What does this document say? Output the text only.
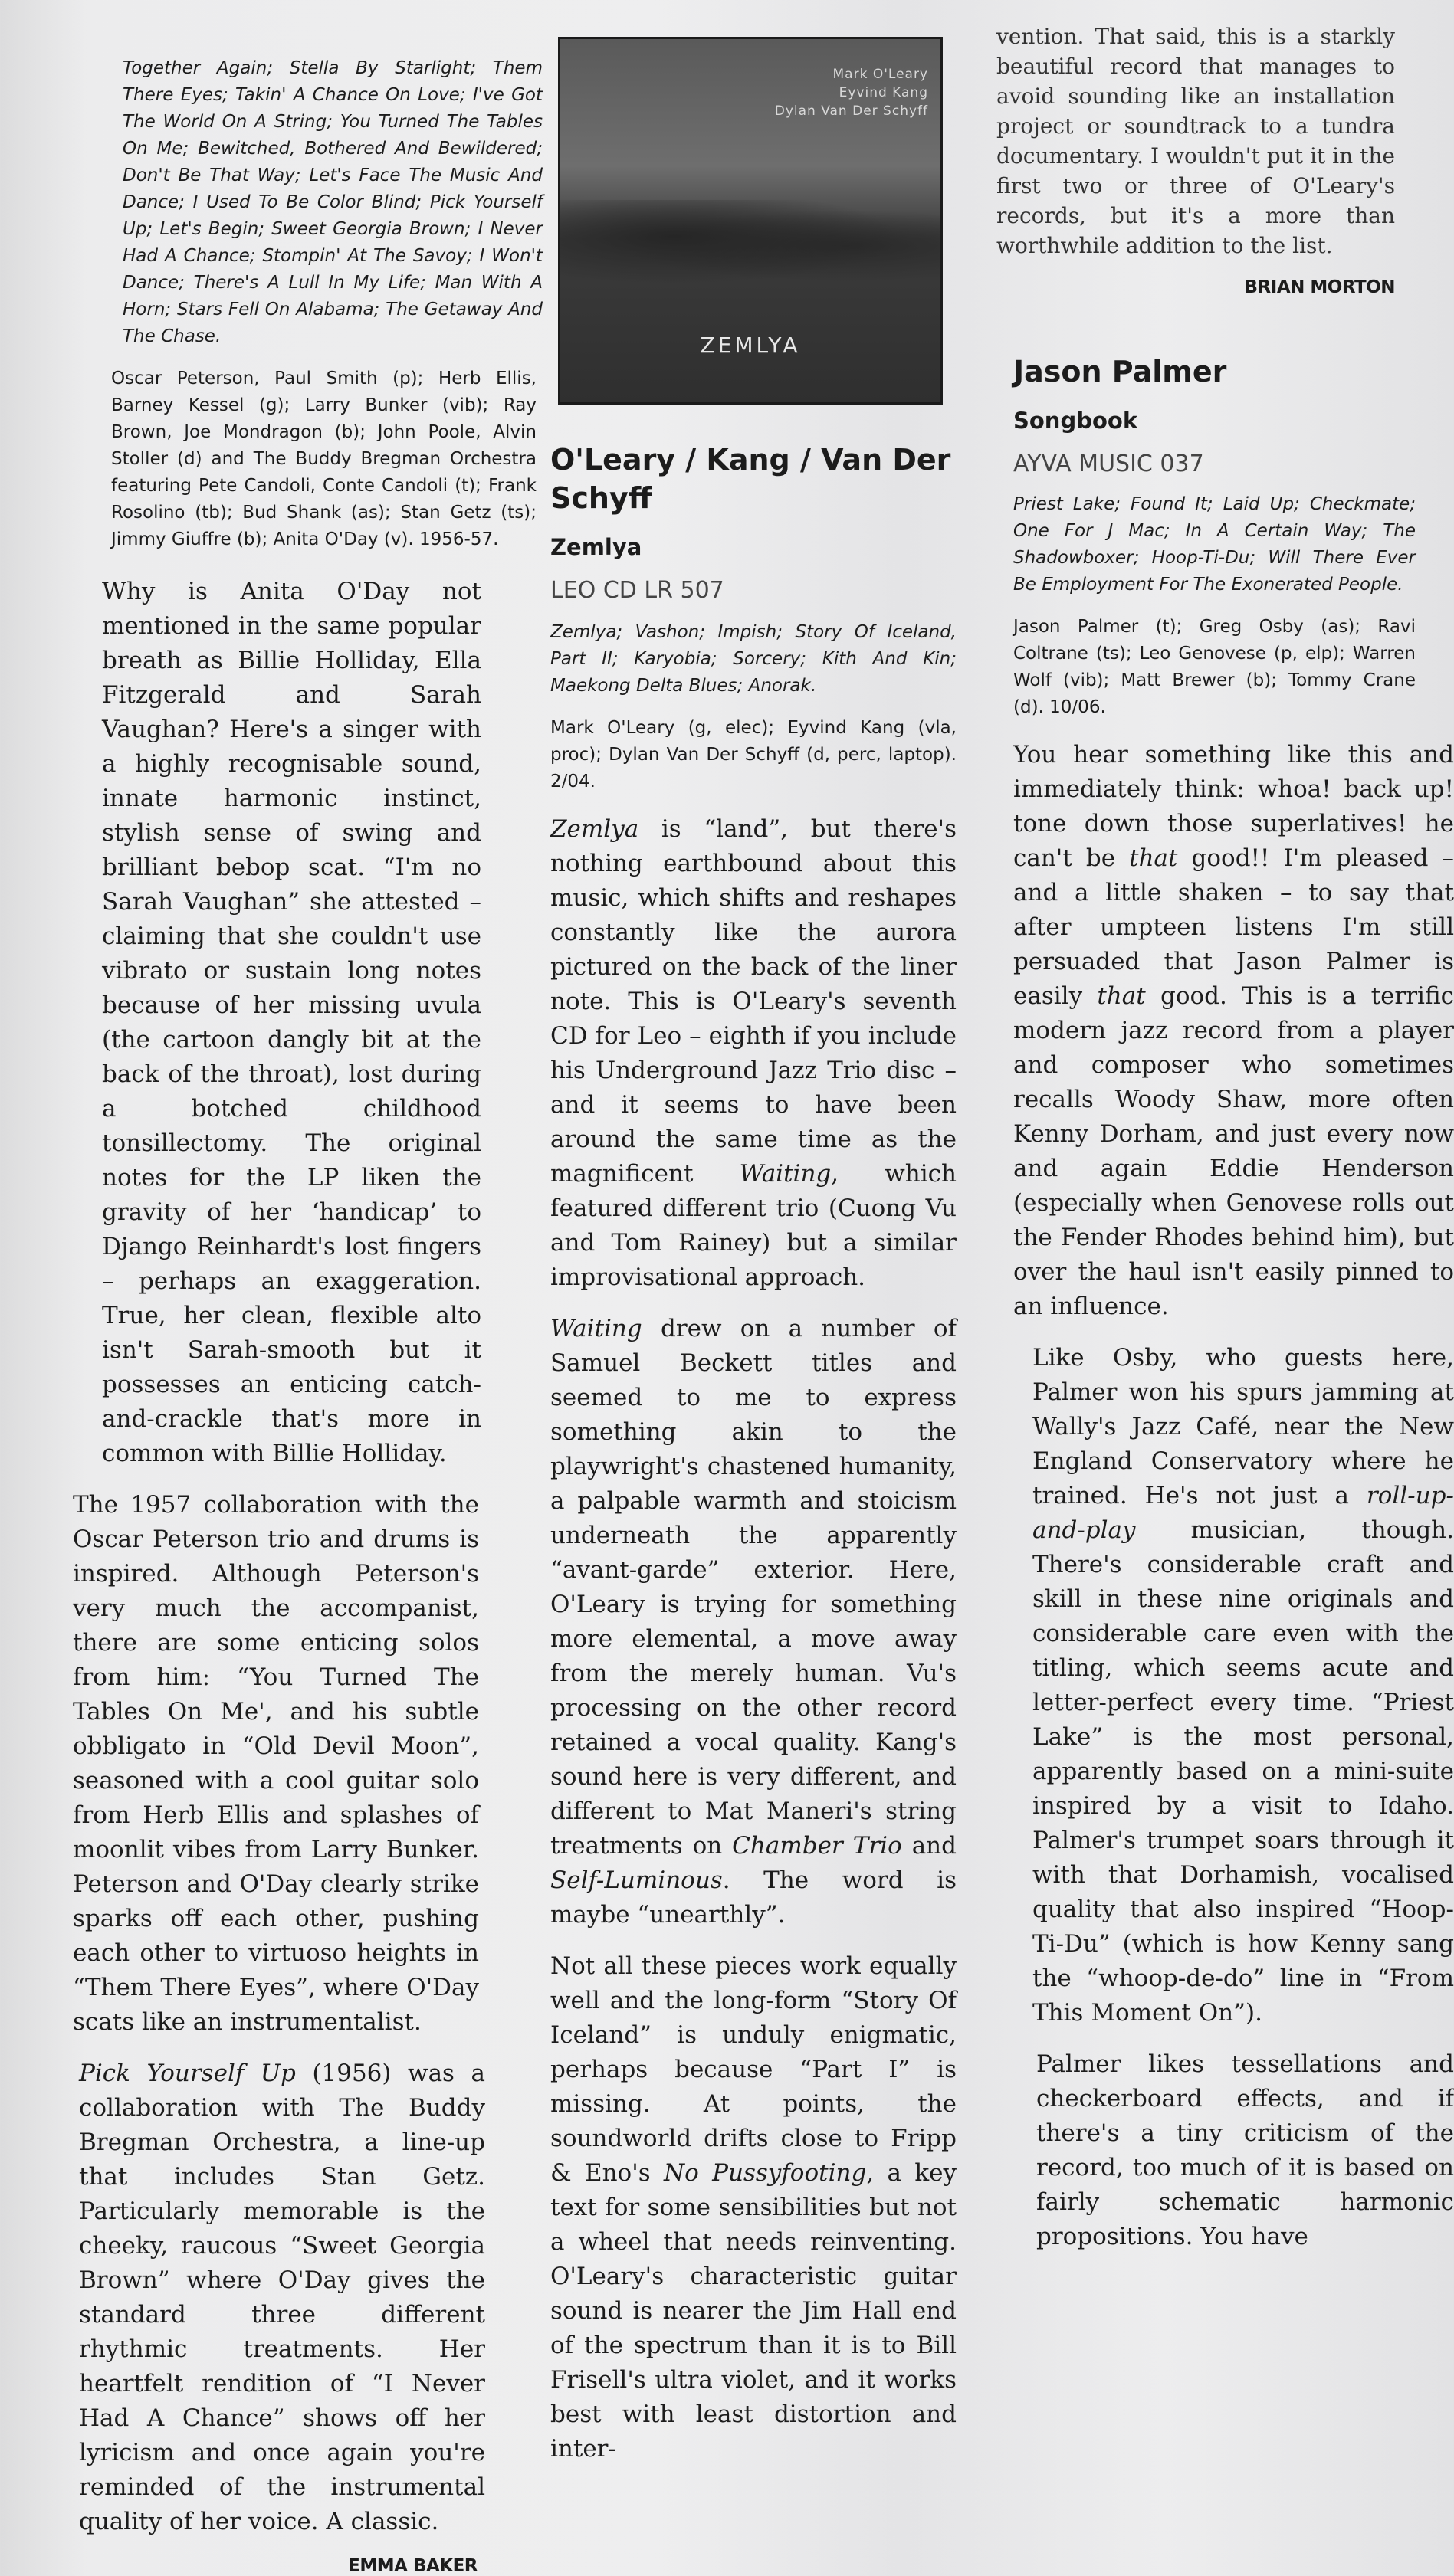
Together Again; Stella By Starlight; Them There Eyes; Takin' A Chance On Love; I've Got The World On A String; You Turned The Tables On Me; Bewitched, Bothered And Bewildered; Don't Be That Way; Let's Face The Music And Dance; I Used To Be Color Blind; Pick Yourself Up; Let's Begin; Sweet Georgia Brown; I Never Had A Chance; Stompin' At The Savoy; I Won't Dance; There's A Lull In My Life; Man With A Horn; Stars Fell On Alabama; The Getaway And The Chase.

Oscar Peterson, Paul Smith (p); Herb Ellis, Barney Kessel (g); Larry Bunker (vib); Ray Brown, Joe Mondragon (b); John Poole, Alvin Stoller (d) and The Buddy Bregman Orchestra featuring Pete Candoli, Conte Candoli (t); Frank Rosolino (tb); Bud Shank (as); Stan Getz (ts); Jimmy Giuffre (b); Anita O'Day (v). 1956-57.

Why is Anita O'Day not mentioned in the same popular breath as Billie Holliday, Ella Fitzgerald and Sarah Vaughan? Here's a singer with a highly recognisable sound, innate harmonic instinct, stylish sense of swing and brilliant bebop scat. “I'm no Sarah Vaughan” she attested – claiming that she couldn't use vibrato or sustain long notes because of her missing uvula (the cartoon dangly bit at the back of the throat), lost during a botched childhood tonsillectomy. The original notes for the LP liken the gravity of her ‘handicap’ to Django Reinhardt's lost fingers – perhaps an exaggeration. True, her clean, flexible alto isn't Sarah-smooth but it possesses an enticing catch-and-crackle that's more in common with Billie Holliday.

The 1957 collaboration with the Oscar Peterson trio and drums is inspired. Although Peterson's very much the accompanist, there are some enticing solos from him: “You Turned The Tables On Me', and his subtle obbligato in “Old Devil Moon”, seasoned with a cool guitar solo from Herb Ellis and splashes of moonlit vibes from Larry Bunker. Peterson and O'Day clearly strike sparks off each other, pushing each other to virtuoso heights in “Them There Eyes”, where O'Day scats like an instrumentalist.

Pick Yourself Up (1956) was a collaboration with The Buddy Bregman Orchestra, a line-up that includes Stan Getz. Particularly memorable is the cheeky, raucous “Sweet Georgia Brown” where O'Day gives the standard three different rhythmic treatments. Her heartfelt rendition of “I Never Had A Chance” shows off her lyricism and once again you're reminded of the instrumental quality of her voice. A classic.

EMMA BAKER
Mark O'Leary
Eyvind Kang
Dylan Van Der Schyff
ZEMLYA
O'Leary / Kang / Van Der Schyff
Zemlya
LEO CD LR 507

Zemlya; Vashon; Impish; Story Of Iceland, Part II; Karyobia; Sorcery; Kith And Kin; Maekong Delta Blues; Anorak.

Mark O'Leary (g, elec); Eyvind Kang (vla, proc); Dylan Van Der Schyff (d, perc, laptop). 2/04.

Zemlya is “land”, but there's nothing earthbound about this music, which shifts and reshapes constantly like the aurora pictured on the back of the liner note. This is O'Leary's seventh CD for Leo – eighth if you include his Underground Jazz Trio disc – and it seems to have been around the same time as the magnificent Waiting, which featured different trio (Cuong Vu and Tom Rainey) but a similar improvisational approach.

Waiting drew on a number of Samuel Beckett titles and seemed to me to express something akin to the playwright's chastened humanity, a palpable warmth and stoicism underneath the apparently “avant-garde” exterior. Here, O'Leary is trying for something more elemental, a move away from the merely human. Vu's processing on the other record retained a vocal quality. Kang's sound here is very different, and different to Mat Maneri's string treatments on Chamber Trio and Self-Luminous. The word is maybe “unearthly”.

Not all these pieces work equally well and the long-form “Story Of Iceland” is unduly enigmatic, perhaps because “Part I” is missing. At points, the soundworld drifts close to Fripp & Eno's No Pussyfooting, a key text for some sensibilities but not a wheel that needs reinventing. O'Leary's characteristic guitar sound is nearer the Jim Hall end of the spectrum than it is to Bill Frisell's ultra violet, and it works best with least distortion and inter-

vention. That said, this is a starkly beautiful record that manages to avoid sounding like an installation project or soundtrack to a tundra documentary. I wouldn't put it in the first two or three of O'Leary's records, but it's a more than worthwhile addition to the list.

BRIAN MORTON
Jason Palmer
Songbook
AYVA MUSIC 037

Priest Lake; Found It; Laid Up; Checkmate; One For J Mac; In A Certain Way; The Shadowboxer; Hoop-Ti-Du; Will There Ever Be Employment For The Exonerated People.

Jason Palmer (t); Greg Osby (as); Ravi Coltrane (ts); Leo Genovese (p, elp); Warren Wolf (vib); Matt Brewer (b); Tommy Crane (d). 10/06.

You hear something like this and immediately think: whoa! back up! tone down those superlatives! he can't be that good!! I'm pleased – and a little shaken – to say that after umpteen listens I'm still persuaded that Jason Palmer is easily that good. This is a terrific modern jazz record from a player and composer who sometimes recalls Woody Shaw, more often Kenny Dorham, and just every now and again Eddie Henderson (especially when Genovese rolls out the Fender Rhodes behind him), but over the haul isn't easily pinned to an influence.

Like Osby, who guests here, Palmer won his spurs jamming at Wally's Jazz Café, near the New England Conservatory where he trained. He's not just a roll-up-and-play musician, though. There's considerable craft and skill in these nine originals and considerable care even with the titling, which seems acute and letter-perfect every time. “Priest Lake” is the most personal, apparently based on a mini-suite inspired by a visit to Idaho. Palmer's trumpet soars through it with that Dorhamish, vocalised quality that also inspired “Hoop-Ti-Du” (which is how Kenny sang the “whoop-de-do” line in “From This Moment On”).

Palmer likes tessellations and checkerboard effects, and if there's a tiny criticism of the record, too much of it is based on fairly schematic harmonic propositions. You have
